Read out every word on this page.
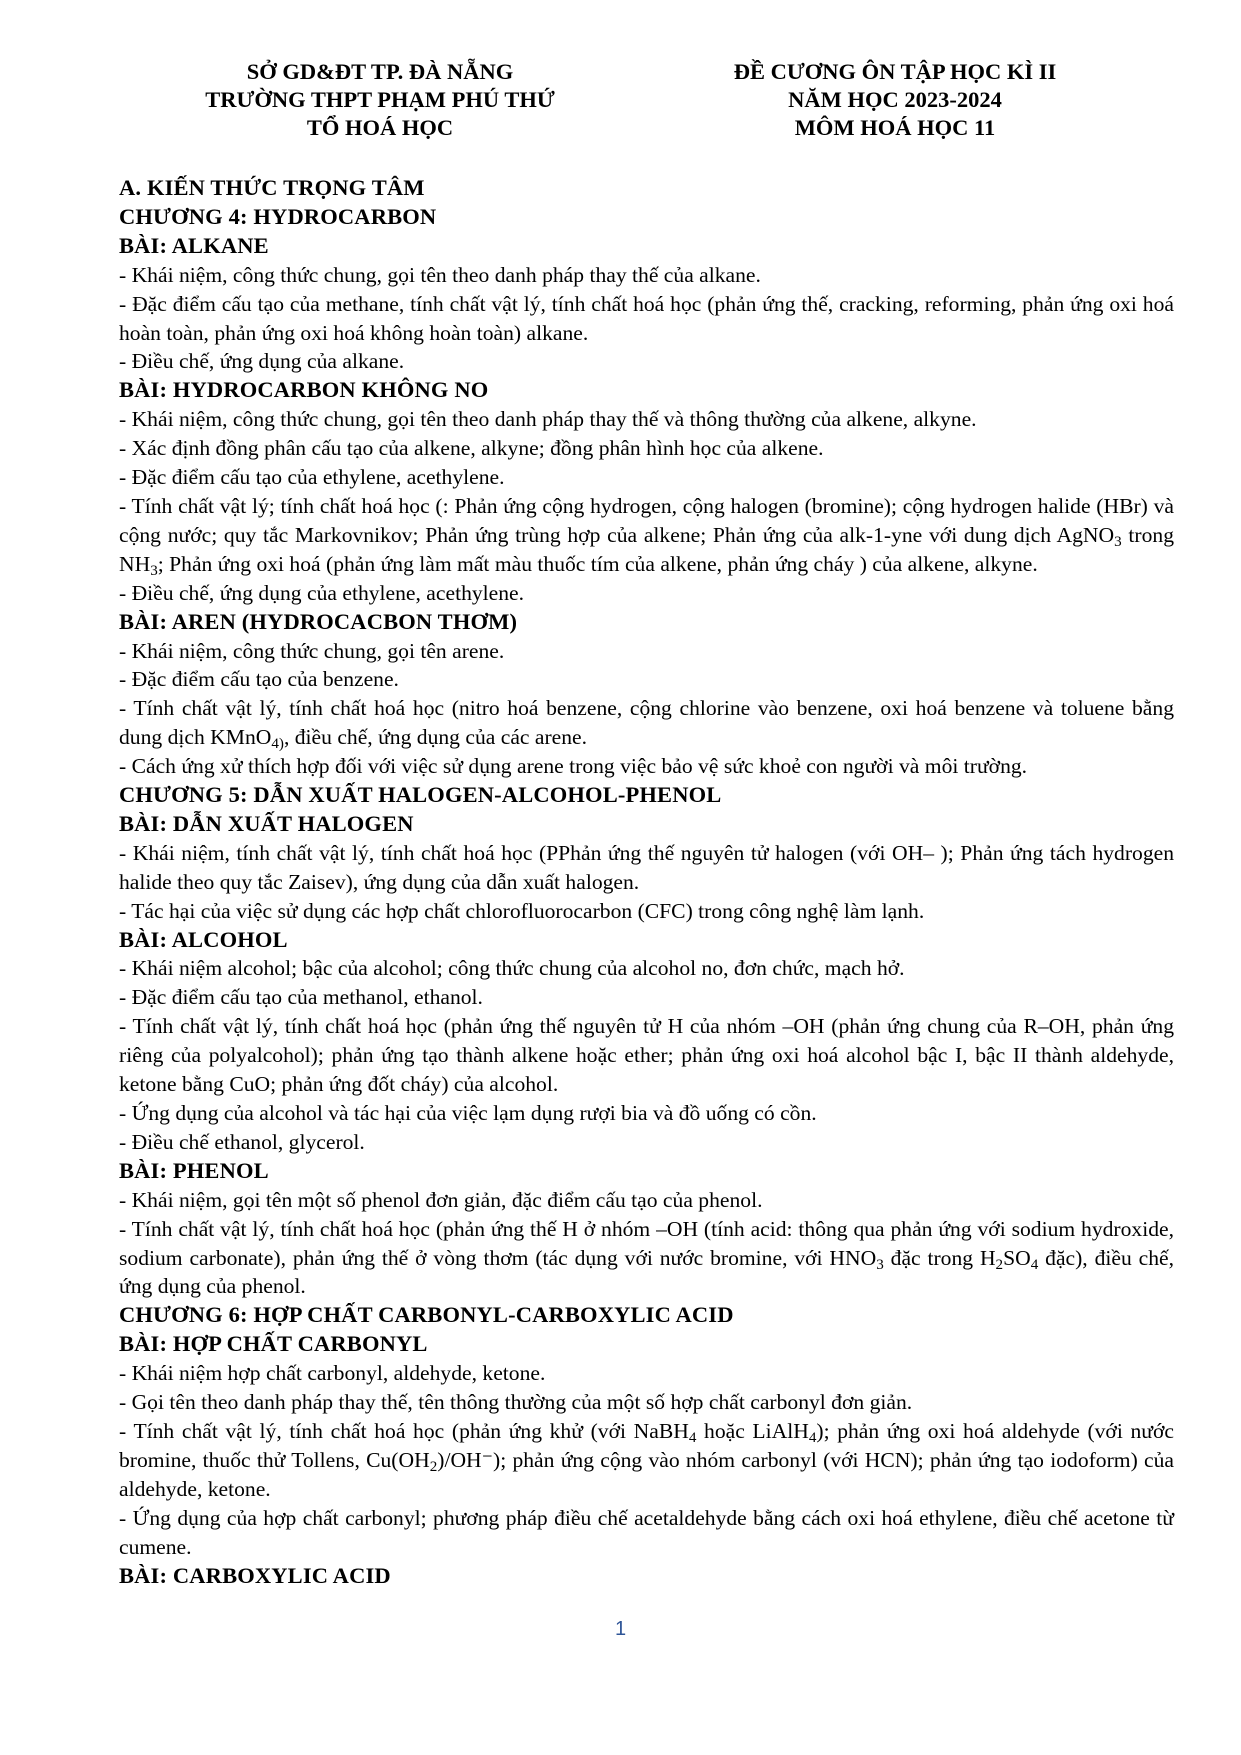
SỞ GD&ĐT TP. ĐÀ NẴNG
TRƯỜNG THPT PHẠM PHÚ THỨ
TỔ HOÁ HỌC
ĐỀ CƯƠNG ÔN TẬP HỌC KÌ II
NĂM HỌC 2023-2024
MÔM HOÁ HỌC 11
A. KIẾN THỨC TRỌNG TÂM
CHƯƠNG 4: HYDROCARBON
BÀI: ALKANE
- Khái niệm, công thức chung, gọi tên theo danh pháp thay thế của alkane.
- Đặc điểm cấu tạo của methane, tính chất vật lý, tính chất hoá học (phản ứng thế, cracking, reforming, phản ứng oxi hoá hoàn toàn, phản ứng oxi hoá không hoàn toàn) alkane.
- Điều chế, ứng dụng của alkane.
BÀI: HYDROCARBON KHÔNG NO
- Khái niệm, công thức chung, gọi tên theo danh pháp thay thế và thông thường của alkene, alkyne.
- Xác định đồng phân cấu tạo của alkene, alkyne; đồng phân hình học của alkene.
- Đặc điểm cấu tạo của ethylene, acethylene.
- Tính chất vật lý; tính chất hoá học (: Phản ứng cộng hydrogen, cộng halogen (bromine); cộng hydrogen halide (HBr) và cộng nước; quy tắc Markovnikov; Phản ứng trùng hợp của alkene; Phản ứng của alk-1-yne với dung dịch AgNO$_3$ trong $NH_3$; Phản ứng oxi hoá (phản ứng làm mất màu thuốc tím của alkene, phản ứng cháy ) của alkene, alkyne.
- Điều chế, ứng dụng của ethylene, acethylene.
BÀI: AREN (HYDROCACBON THƠM)
- Khái niệm, công thức chung, gọi tên arene.
- Đặc điểm cấu tạo của benzene.
- Tính chất vật lý, tính chất hoá học (nitro hoá benzene, cộng chlorine vào benzene, oxi hoá benzene và toluene bằng dung dịch KMnO$_{4)}$, điều chế, ứng dụng của các arene.
- Cách ứng xử thích hợp đối với việc sử dụng arene trong việc bảo vệ sức khoẻ con người và môi trường.
CHƯƠNG 5: DẪN XUẤT HALOGEN-ALCOHOL-PHENOL
BÀI: DẪN XUẤT HALOGEN
- Khái niệm, tính chất vật lý, tính chất hoá học (PPhản ứng thế nguyên tử halogen (với OH– ); Phản ứng tách hydrogen halide theo quy tắc Zaisev), ứng dụng của dẫn xuất halogen.
- Tác hại của việc sử dụng các hợp chất chlorofluorocarbon (CFC) trong công nghệ làm lạnh.
BÀI: ALCOHOL
- Khái niệm alcohol; bậc của alcohol; công thức chung của alcohol no, đơn chức, mạch hở.
- Đặc điểm cấu tạo của methanol, ethanol.
- Tính chất vật lý, tính chất hoá học (phản ứng thế nguyên tử H của nhóm –OH (phản ứng chung của R–OH, phản ứng riêng của polyalcohol); phản ứng tạo thành alkene hoặc ether; phản ứng oxi hoá alcohol bậc I, bậc II thành aldehyde, ketone bằng CuO; phản ứng đốt cháy) của alcohol.
- Ứng dụng của alcohol và tác hại của việc lạm dụng rượi bia và đồ uống có cồn.
- Điều chế ethanol, glycerol.
BÀI: PHENOL
- Khái niệm, gọi tên một số phenol đơn giản, đặc điểm cấu tạo của phenol.
- Tính chất vật lý, tính chất hoá học (phản ứng thế H ở nhóm –OH (tính acid: thông qua phản ứng với sodium hydroxide, sodium carbonate), phản ứng thế ở vòng thơm (tác dụng với nước bromine, với $HNO_3$ đặc trong $H_2SO_4$ đặc), điều chế, ứng dụng của phenol.
CHƯƠNG 6: HỢP CHẤT CARBONYL-CARBOXYLIC ACID
BÀI: HỢP CHẤT CARBONYL
- Khái niệm hợp chất carbonyl, aldehyde, ketone.
- Gọi tên theo danh pháp thay thế, tên thông thường của một số hợp chất carbonyl đơn giản.
- Tính chất vật lý, tính chất hoá học (phản ứng khử (với NaBH$_4$ hoặc LiAlH$_4$); phản ứng oxi hoá aldehyde (với nước bromine, thuốc thử Tollens, $Cu(OH_2)/OH^-$); phản ứng cộng vào nhóm carbonyl (với HCN); phản ứng tạo iodoform) của aldehyde, ketone.
- Ứng dụng của hợp chất carbonyl; phương pháp điều chế acetaldehyde bằng cách oxi hoá ethylene, điều chế acetone từ cumene.
BÀI: CARBOXYLIC ACID
1
